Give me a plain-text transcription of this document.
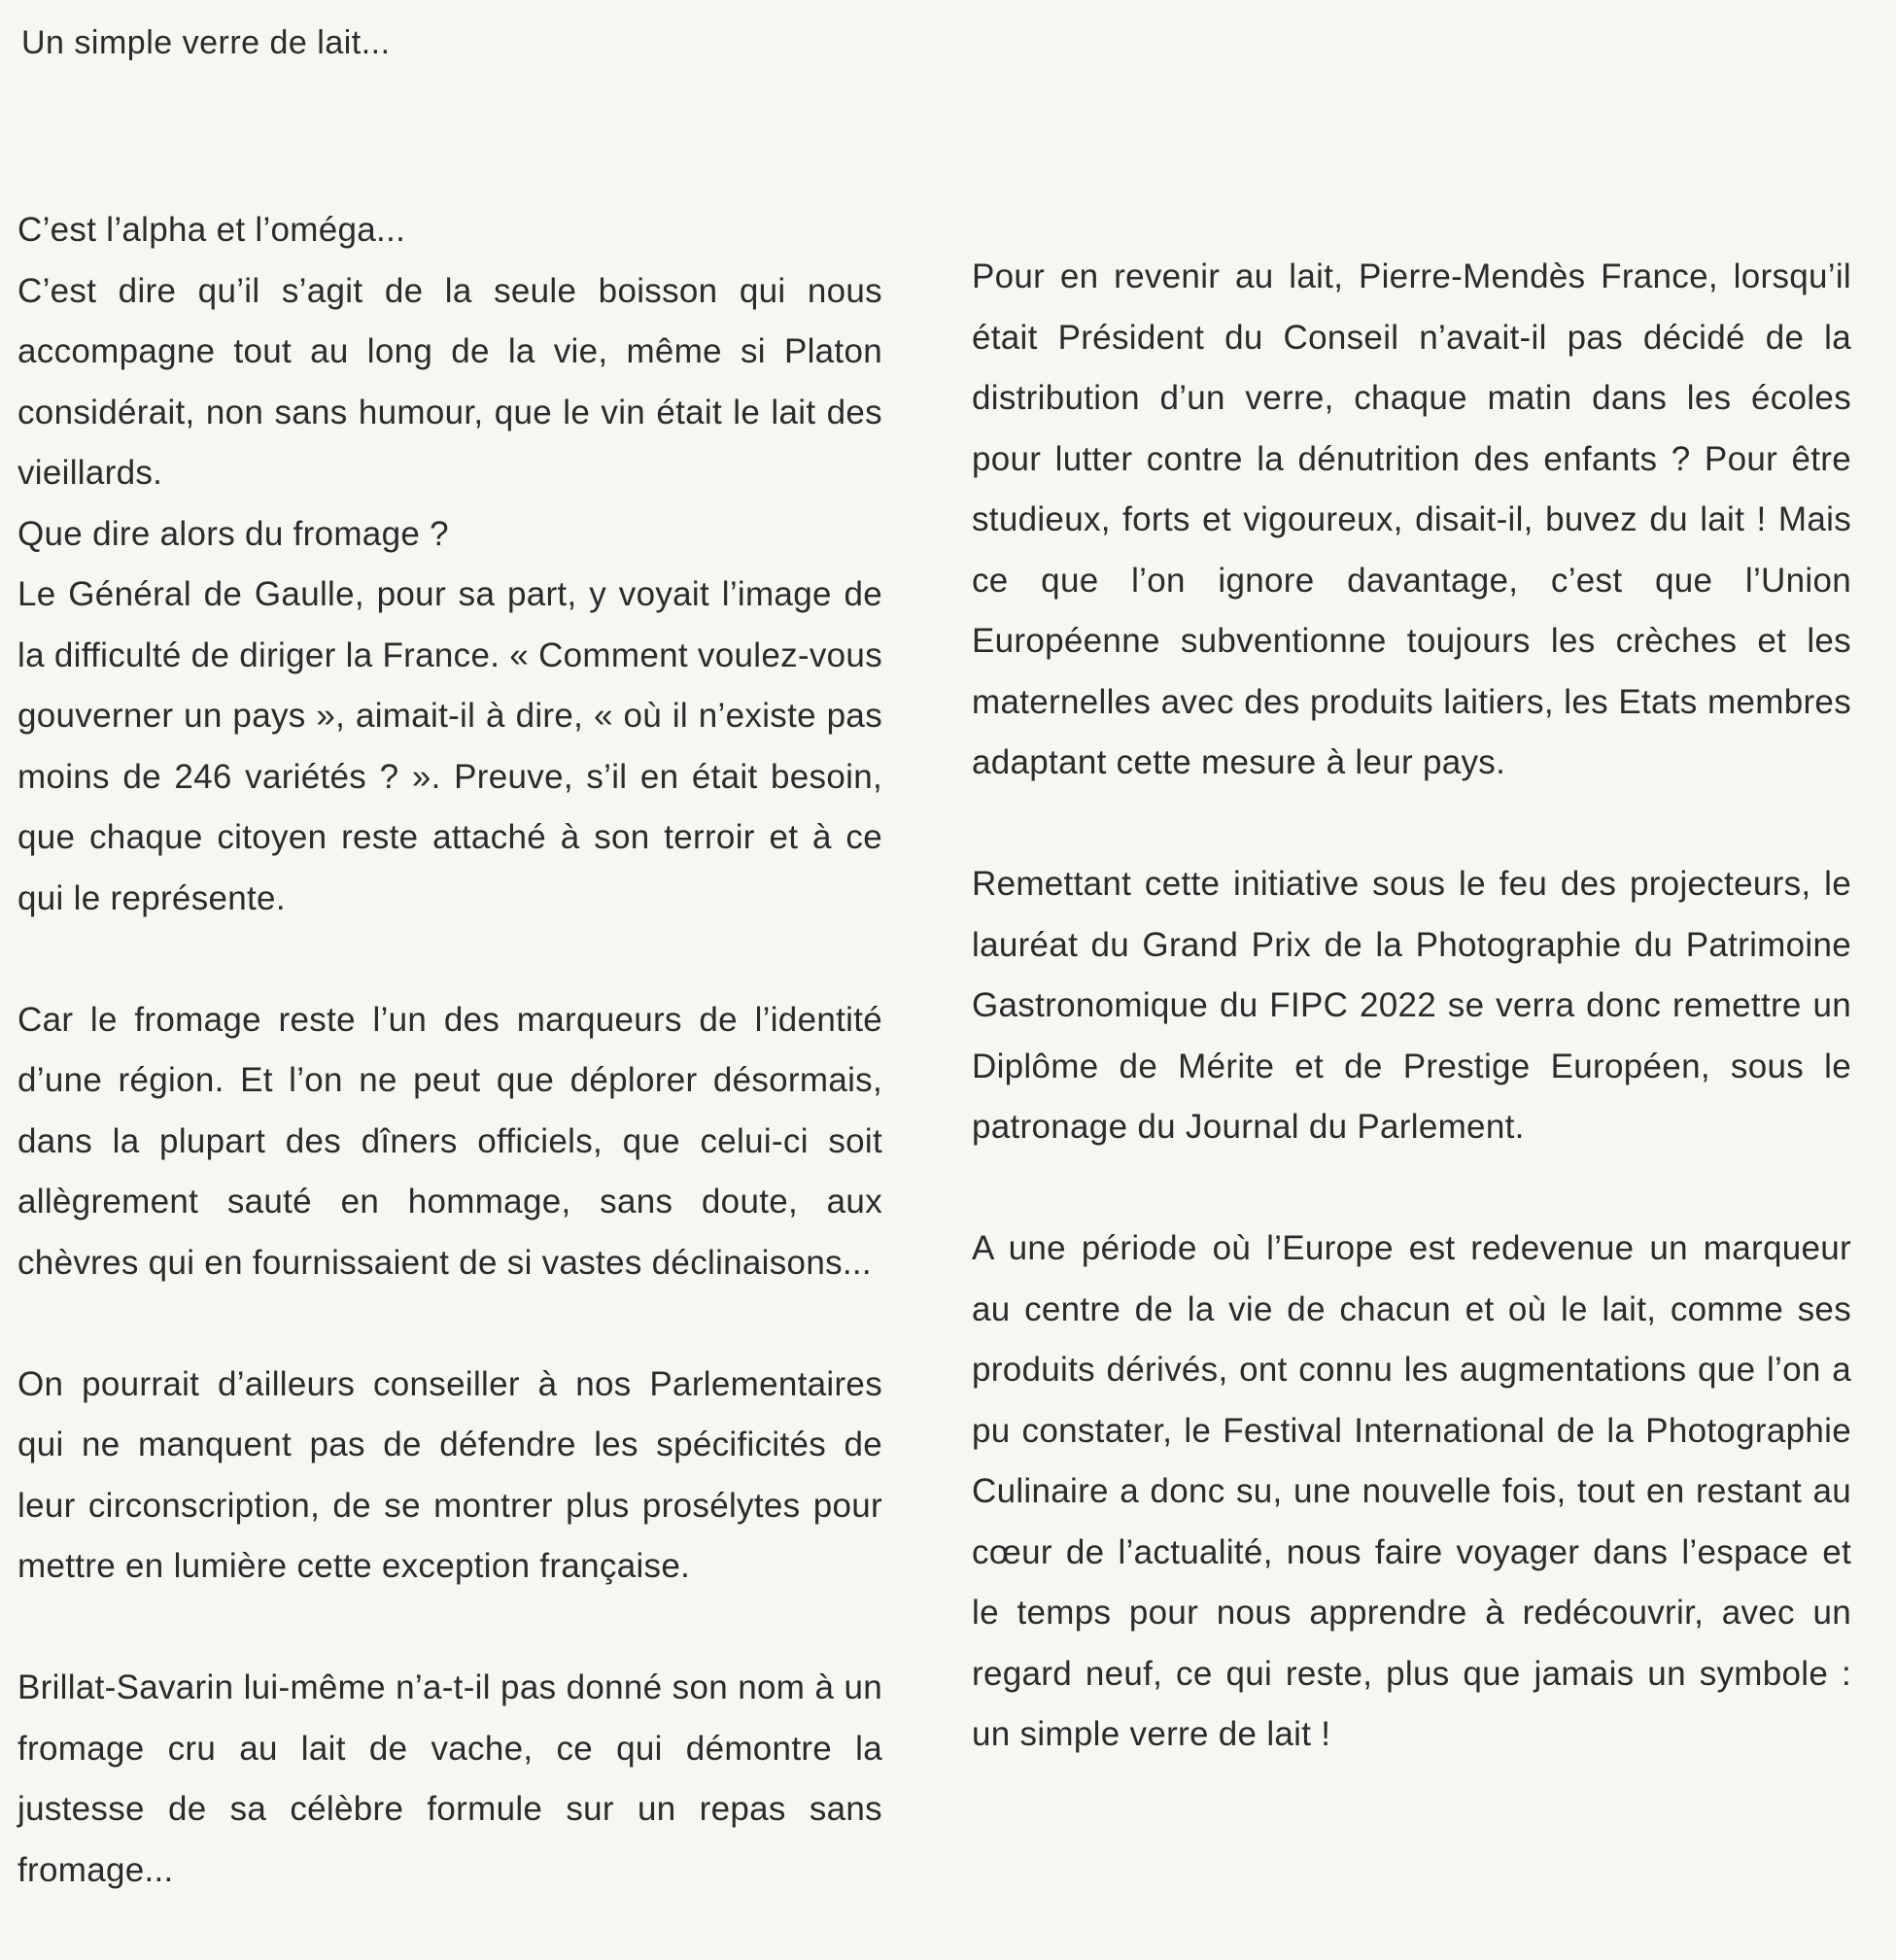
Un simple verre de lait...

C’est l’alpha et l’oméga...

C’est dire qu’il s’agit de la seule boisson qui nous accompagne tout au long de la vie, même si Platon considérait, non sans humour, que le vin était le lait des vieillards.

Que dire alors du fromage ?

Le Général de Gaulle, pour sa part, y voyait l’image de la difficulté de diriger la France. « Comment voulez-vous gouverner un pays », aimait-il à dire, « où il n’existe pas moins de 246 variétés ? ». Preuve, s’il en était besoin, que chaque citoyen reste attaché à son terroir et à ce qui le représente.

Car le fromage reste l’un des marqueurs de l’identité d’une région. Et l’on ne peut que déplorer désormais, dans la plupart des dîners officiels, que celui-ci soit allègrement sauté en hommage, sans doute, aux chèvres qui en fournissaient de si vastes déclinaisons...

On pourrait d’ailleurs conseiller à nos Parlementaires qui ne manquent pas de défendre les spécificités de leur circonscription, de se montrer plus prosélytes pour mettre en lumière cette exception française.

Brillat-Savarin lui-même n’a-t-il pas donné son nom à un fromage cru au lait de vache, ce qui démontre la justesse de sa célèbre formule sur un repas sans fromage...

Pour en revenir au lait, Pierre-Mendès France, lorsqu’il était Président du Conseil n’avait-il pas décidé de la distribution d’un verre, chaque matin dans les écoles pour lutter contre la dénutrition des enfants ? Pour être studieux, forts et vigoureux, disait-il, buvez du lait ! Mais ce que l’on ignore davantage, c’est que l’Union Européenne subventionne toujours les crèches et les maternelles avec des produits laitiers, les Etats membres adaptant cette mesure à leur pays.

Remettant cette initiative sous le feu des projecteurs, le lauréat du Grand Prix de la Photographie du Patrimoine Gastronomique du FIPC 2022 se verra donc remettre un Diplôme de Mérite et de Prestige Européen, sous le patronage du Journal du Parlement.

A une période où l’Europe est redevenue un marqueur au centre de la vie de chacun et où le lait, comme ses produits dérivés, ont connu les augmentations que l’on a pu constater, le Festival International de la Photographie Culinaire a donc su, une nouvelle fois, tout en restant au cœur de l’actualité, nous faire voyager dans l’espace et le temps pour nous apprendre à redécouvrir, avec un regard neuf, ce qui reste, plus que jamais un symbole : un simple verre de lait !
